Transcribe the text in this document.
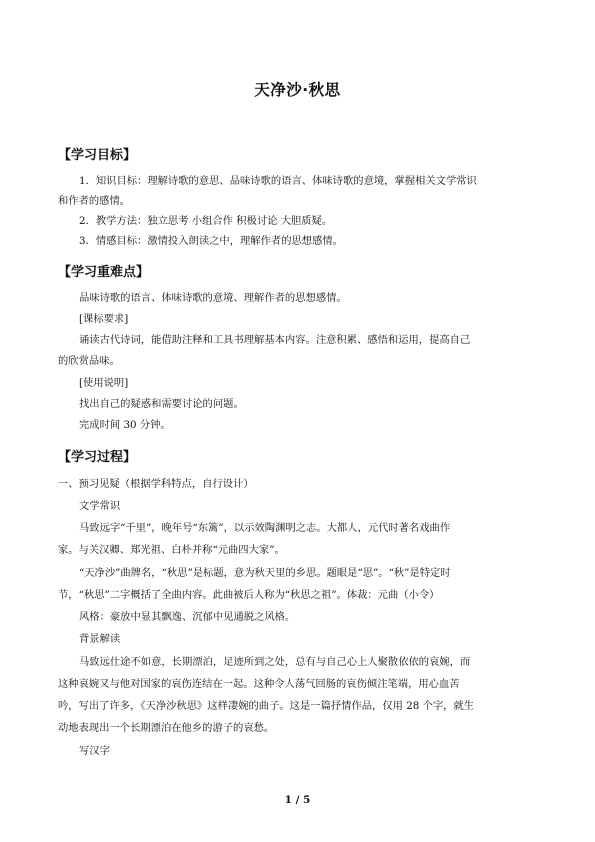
天净沙·秋思
【学习目标】
1．知识目标：理解诗歌的意思、品味诗歌的语言、体味诗歌的意境，掌握相关文学常识
和作者的感情。
2．教学方法：独立思考 小组合作 积极讨论 大胆质疑。
3．情感目标：激情投入朗读之中，理解作者的思想感情。
【学习重难点】
品味诗歌的语言、体味诗歌的意境、理解作者的思想感情。
[课标要求]
诵读古代诗词，能借助注释和工具书理解基本内容。注意积累、感悟和运用，提高自己
的欣赏品味。
[使用说明]
找出自己的疑惑和需要讨论的问题。
完成时间 30 分钟。
【学习过程】
一、预习见疑（根据学科特点，自行设计）
文学常识
马致远字“千里”，晚年号“东篱”，以示效陶渊明之志。大都人，元代时著名戏曲作
家。与关汉卿、郑光祖、白朴并称“元曲四大家”。
“天净沙”曲牌名，“秋思”是标题，意为秋天里的乡思。题眼是“思”。“秋”是特定时
节，“秋思”二字概括了全曲内容。此曲被后人称为“秋思之祖”。体裁：元曲（小令）
风格：豪放中显其飘逸、沉郁中见通脱之风格。
背景解读
马致远仕途不如意，长期漂泊，足迹所到之处，总有与自己心上人聚散依依的哀婉，而
这种哀婉又与他对国家的哀伤连结在一起。这种令人荡气回肠的哀伤倾注笔端，用心血苦
吟，写出了许多，《天净沙秋思》这样凄婉的曲子。这是一篇抒情作品，仅用 28 个字，就生
动地表现出一个长期漂泊在他乡的游子的哀愁。
写汉字
1 / 5
